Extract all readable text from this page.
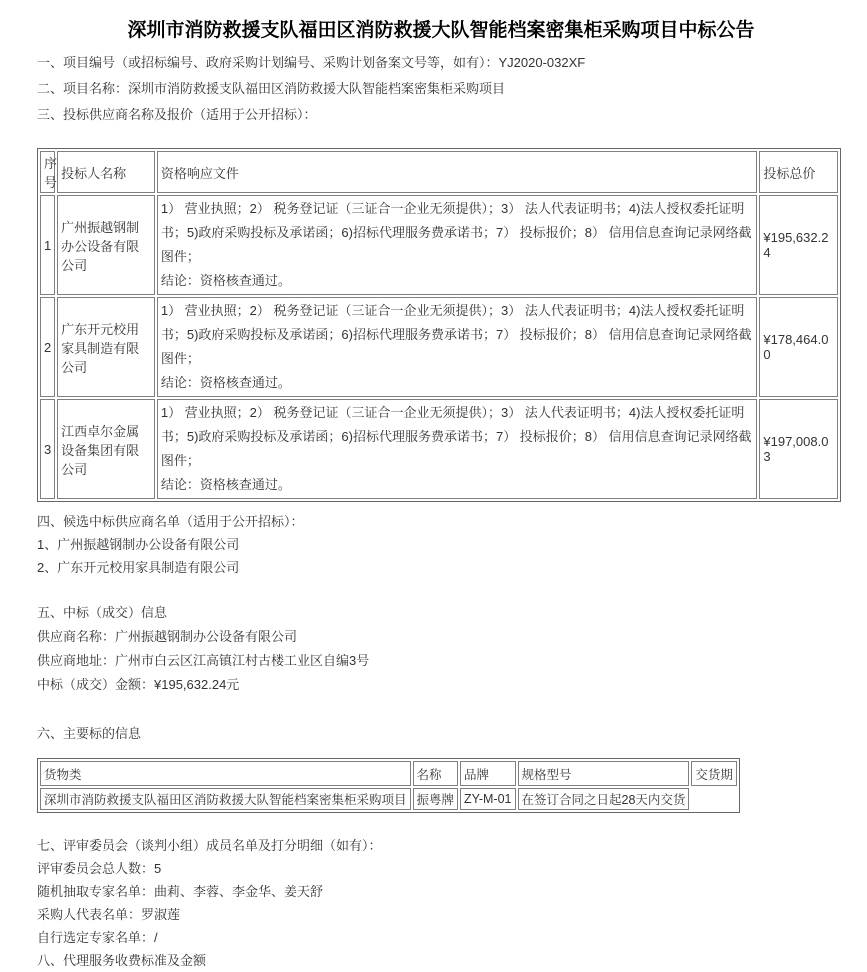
深圳市消防救援支队福田区消防救援大队智能档案密集柜采购项目中标公告

一、项目编号（或招标编号、政府采购计划编号、采购计划备案文号等，如有）：YJ2020-032XF

二、项目名称：深圳市消防救援支队福田区消防救援大队智能档案密集柜采购项目

三、投标供应商名称及报价（适用于公开招标）：

序号	投标人名称	资格响应文件	投标总价
1	广州振越钢制办公设备有限公司	1） 营业执照；2） 税务登记证（三证合一企业无须提供）；3） 法人代表证明书；4)法人授权委托证明书；5)政府采购投标及承诺函；6)招标代理服务费承诺书；7） 投标报价；8） 信用信息查询记录网络截图件；
结论：资格核查通过。	¥195,632.24
2	广东开元校用家具制造有限公司	1） 营业执照；2） 税务登记证（三证合一企业无须提供）；3） 法人代表证明书；4)法人授权委托证明书；5)政府采购投标及承诺函；6)招标代理服务费承诺书；7） 投标报价；8） 信用信息查询记录网络截图件；
结论：资格核查通过。	¥178,464.00
3	江西卓尔金属设备集团有限公司	1） 营业执照；2） 税务登记证（三证合一企业无须提供）；3） 法人代表证明书；4)法人授权委托证明书；5)政府采购投标及承诺函；6)招标代理服务费承诺书；7） 投标报价；8） 信用信息查询记录网络截图件；
结论：资格核查通过。	¥197,008.03

四、候选中标供应商名单（适用于公开招标）：

1、广州振越钢制办公设备有限公司

2、广东开元校用家具制造有限公司

五、中标（成交）信息

供应商名称：广州振越钢制办公设备有限公司

供应商地址：广州市白云区江高镇江村古楼工业区自编3号

中标（成交）金额：¥195,632.24元

六、主要标的信息

货物类	名称	品牌	规格型号	交货期
深圳市消防救援支队福田区消防救援大队智能档案密集柜采购项目	振粤牌	ZY-M-01	在签订合同之日起28天内交货	

七、评审委员会（谈判小组）成员名单及打分明细（如有）：

评审委员会总人数：5

随机抽取专家名单：曲莉、李蓉、李金华、姜天舒

采购人代表名单：罗淑莲

自行选定专家名单：/

八、代理服务收费标准及金额
